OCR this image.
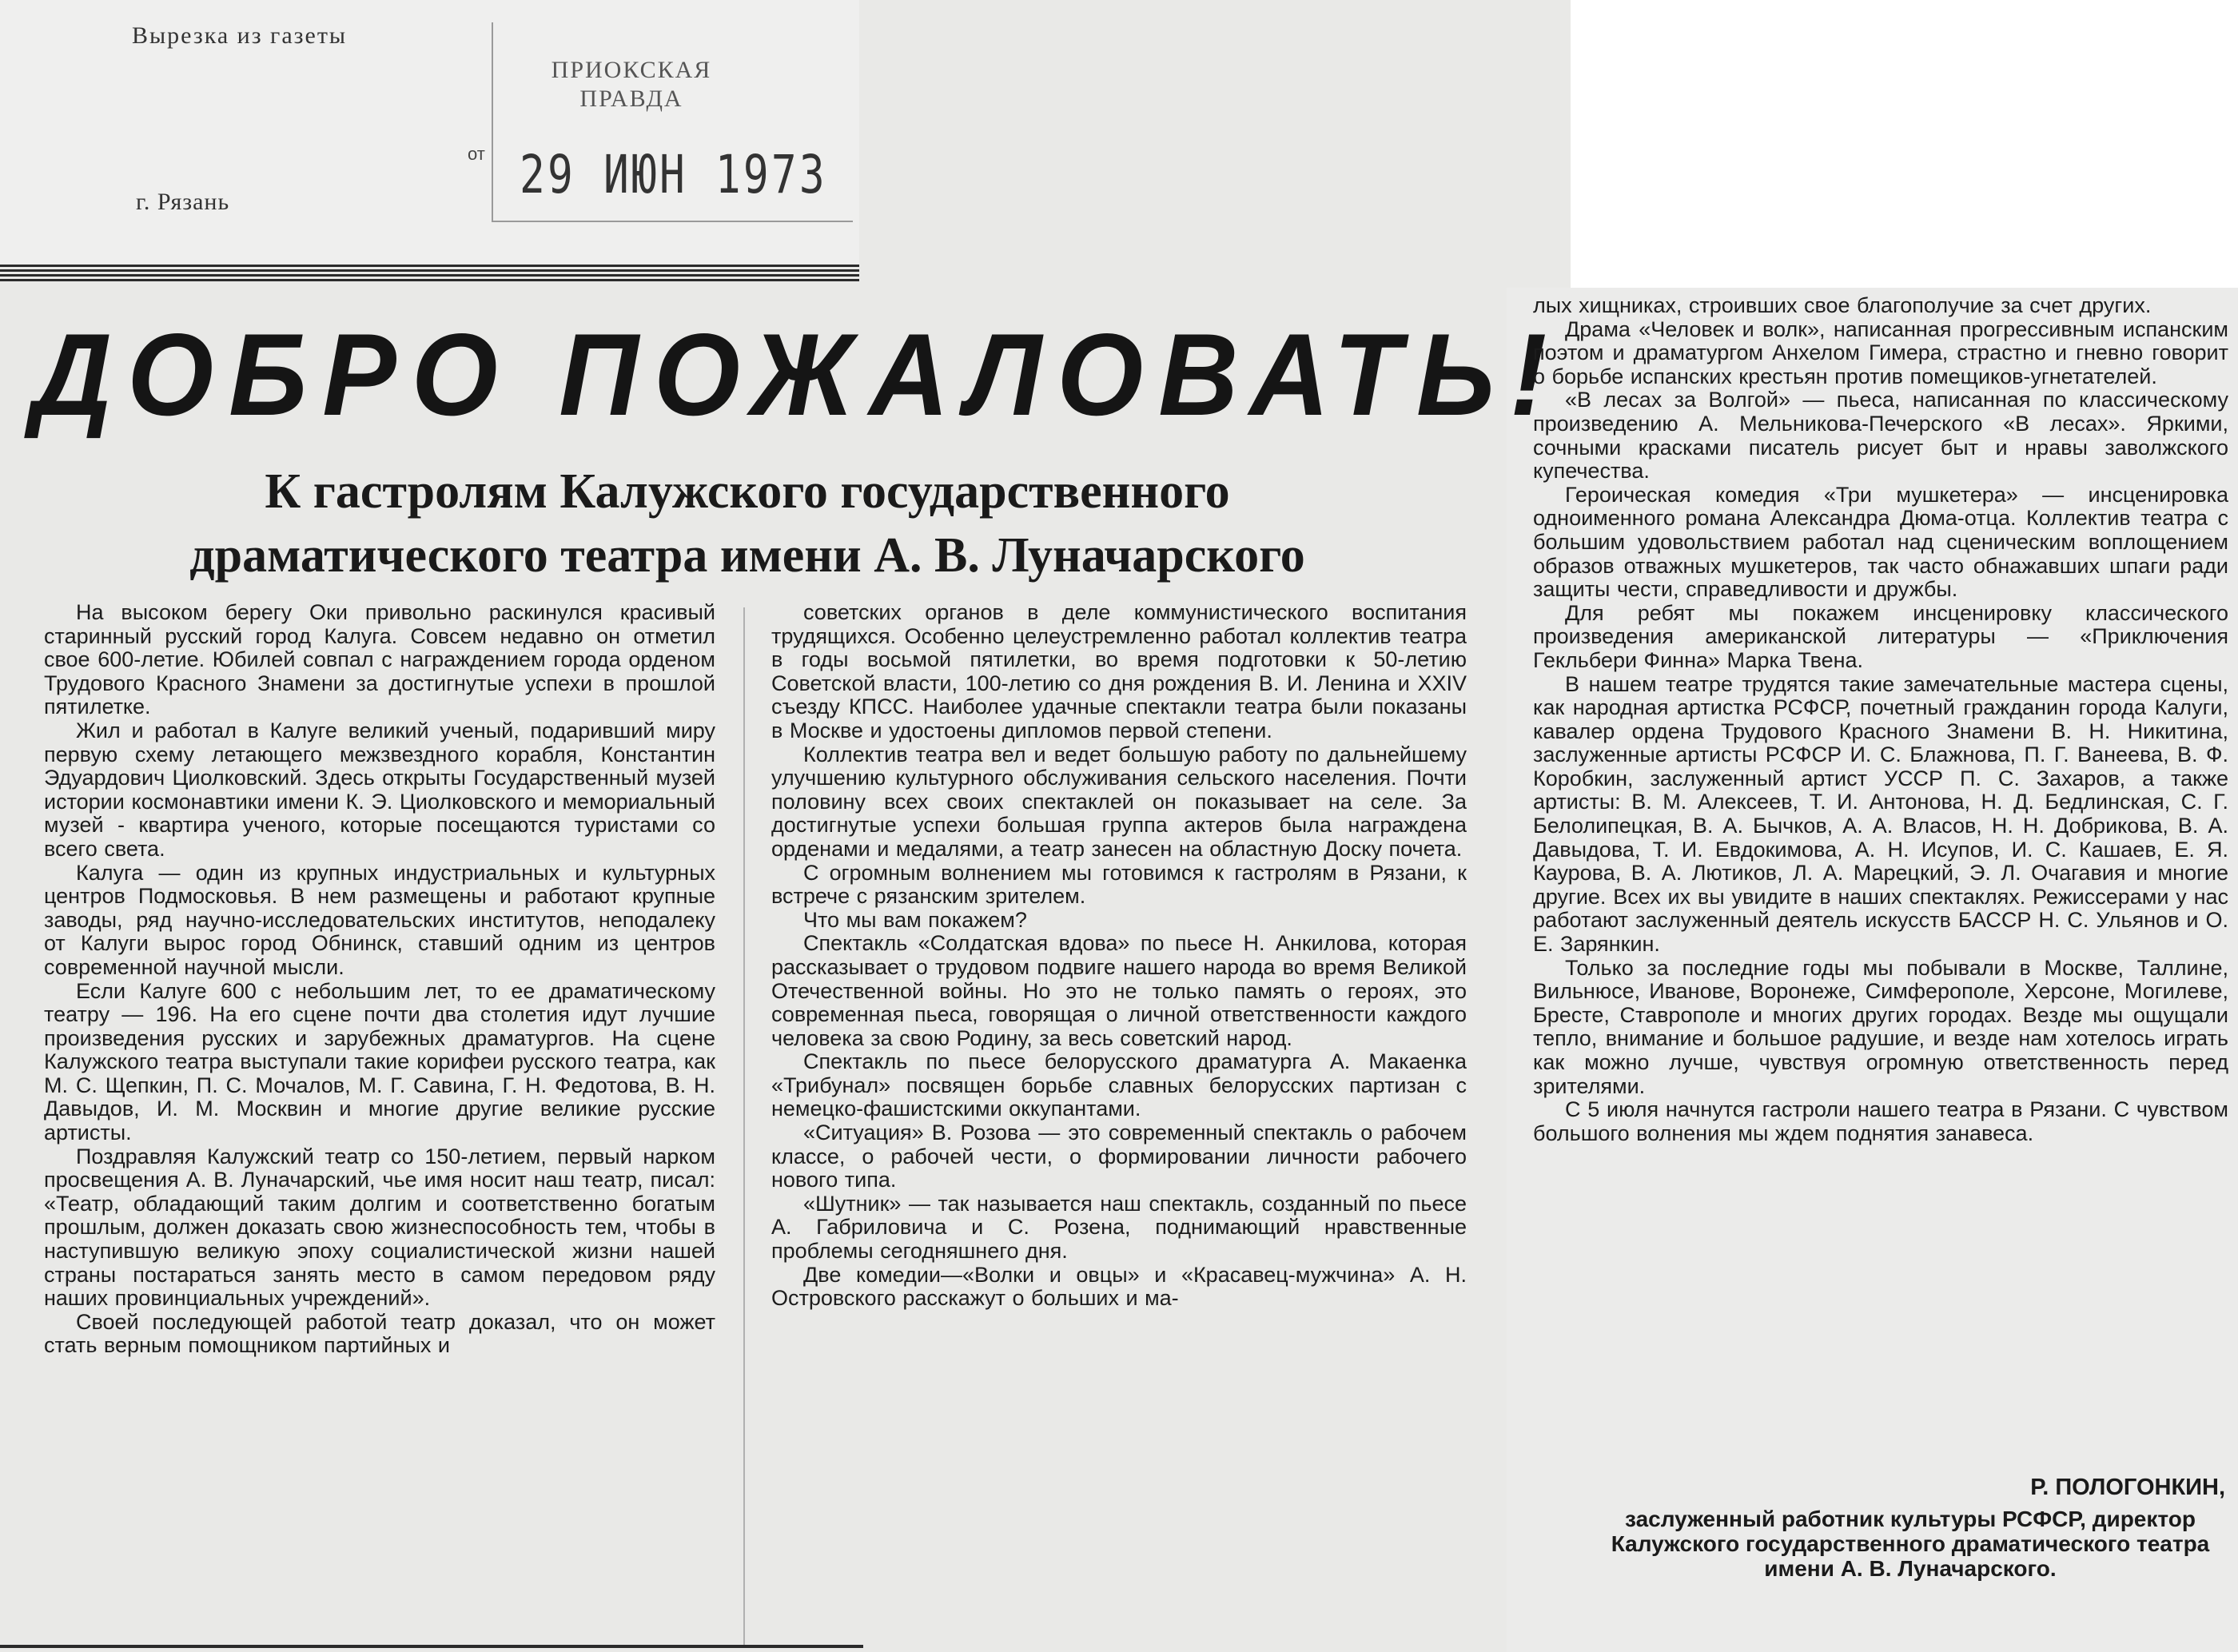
Вырезка из газеты
ПРИОКСКАЯ ПРАВДА
от 29 ИЮН 1973
г. Рязань
ДОБРО ПОЖАЛОВАТЬ!
К гастролям Калужского государственного
драматического театра имени А. В. Луначарского

На высоком берегу Оки привольно раскинулся красивый старинный русский город Калуга. Совсем недавно он отметил свое 600-летие. Юбилей совпал с награждением города орденом Трудового Красного Знамени за достигнутые успехи в прошлой пятилетке.

Жил и работал в Калуге великий ученый, подаривший миру первую схему летающего межзвездного корабля, Константин Эдуардович Циолковский. Здесь открыты Государственный музей истории космонавтики имени К. Э. Циолковского и мемориальный музей - квартира ученого, которые посещаются туристами со всего света.

Калуга — один из крупных индустриальных и культурных центров Подмосковья. В нем размещены и работают крупные заводы, ряд научно-исследовательских институтов, неподалеку от Калуги вырос город Обнинск, ставший одним из центров современной научной мысли.

Если Калуге 600 с небольшим лет, то ее драматическому театру — 196. На его сцене почти два столетия идут лучшие произведения русских и зарубежных драматургов. На сцене Калужского театра выступали такие корифеи русского театра, как М. С. Щепкин, П. С. Мочалов, М. Г. Савина, Г. Н. Федотова, В. Н. Давыдов, И. М. Москвин и многие другие великие русские артисты.

Поздравляя Калужский театр со 150-летием, первый нарком просвещения А. В. Луначарский, чье имя носит наш театр, писал: «Театр, обладающий таким долгим и соответственно богатым прошлым, должен доказать свою жизнеспособность тем, чтобы в наступившую великую эпоху социалистической жизни нашей страны постараться занять место в самом передовом ряду наших провинциальных учреждений».

Своей последующей работой театр доказал, что он может стать верным помощником партийных и

советских органов в деле коммунистического воспитания трудящихся. Особенно целеустремленно работал коллектив театра в годы восьмой пятилетки, во время подготовки к 50-летию Советской власти, 100-летию со дня рождения В. И. Ленина и XXIV съезду КПСС. Наиболее удачные спектакли театра были показаны в Москве и удостоены дипломов первой степени.

Коллектив театра вел и ведет большую работу по дальнейшему улучшению культурного обслуживания сельского населения. Почти половину всех своих спектаклей он показывает на селе. За достигнутые успехи большая группа актеров была награждена орденами и медалями, а театр занесен на областную Доску почета.

С огромным волнением мы готовимся к гастролям в Рязани, к встрече с рязанским зрителем.

Что мы вам покажем?

Спектакль «Солдатская вдова» по пьесе Н. Анкилова, которая рассказывает о трудовом подвиге нашего народа во время Великой Отечественной войны. Но это не только память о героях, это современная пьеса, говорящая о личной ответственности каждого человека за свою Родину, за весь советский народ.

Спектакль по пьесе белорусского драматурга А. Макаенка «Трибунал» посвящен борьбе славных белорусских партизан с немецко-фашистскими оккупантами.

«Ситуация» В. Розова — это современный спектакль о рабочем классе, о рабочей чести, о формировании личности рабочего нового типа.

«Шутник» — так называется наш спектакль, созданный по пьесе А. Габриловича и С. Розена, поднимающий нравственные проблемы сегодняшнего дня.

Две комедии—«Волки и овцы» и «Красавец-мужчина» А. Н. Островского расскажут о больших и ма-

лых хищниках, строивших свое благополучие за счет других.

Драма «Человек и волк», написанная прогрессивным испанским поэтом и драматургом Анхелом Гимера, страстно и гневно говорит о борьбе испанских крестьян против помещиков-угнетателей.

«В лесах за Волгой» — пьеса, написанная по классическому произведению А. Мельникова-Печерского «В лесах». Яркими, сочными красками писатель рисует быт и нравы заволжского купечества.

Героическая комедия «Три мушкетера» — инсценировка одноименного романа Александра Дюма-отца. Коллектив театра с большим удовольствием работал над сценическим воплощением образов отважных мушкетеров, так часто обнажавших шпаги ради защиты чести, справедливости и дружбы.

Для ребят мы покажем инсценировку классического произведения американской литературы — «Приключения Гекльбери Финна» Марка Твена.

В нашем театре трудятся такие замечательные мастера сцены, как народная артистка РСФСР, почетный гражданин города Калуги, кавалер ордена Трудового Красного Знамени В. Н. Никитина, заслуженные артисты РСФСР И. С. Блажнова, П. Г. Ванеева, В. Ф. Коробкин, заслуженный артист УССР П. С. Захаров, а также артисты: В. М. Алексеев, Т. И. Антонова, Н. Д. Бедлинская, С. Г. Белолипецкая, В. А. Бычков, А. А. Власов, Н. Н. Добрикова, В. А. Давыдова, Т. И. Евдокимова, А. Н. Исупов, И. С. Кашаев, Е. Я. Каурова, В. А. Лютиков, Л. А. Марецкий, Э. Л. Очагавия и многие другие. Всех их вы увидите в наших спектаклях. Режиссерами у нас работают заслуженный деятель искусств БАССР Н. С. Ульянов и О. Е. Зарянкин.

Только за последние годы мы побывали в Москве, Таллине, Вильнюсе, Иванове, Воронеже, Симферополе, Херсоне, Могилеве, Бресте, Ставрополе и многих других городах. Везде мы ощущали тепло, внимание и большое радушие, и везде нам хотелось играть как можно лучше, чувствуя огромную ответственность перед зрителями.

С 5 июля начнутся гастроли нашего театра в Рязани. С чувством большого волнения мы ждем поднятия занавеса.

Р. ПОЛОГОНКИН,
заслуженный работник культуры РСФСР, директор Калужского государственного драматического театра имени А. В. Луначарского.
